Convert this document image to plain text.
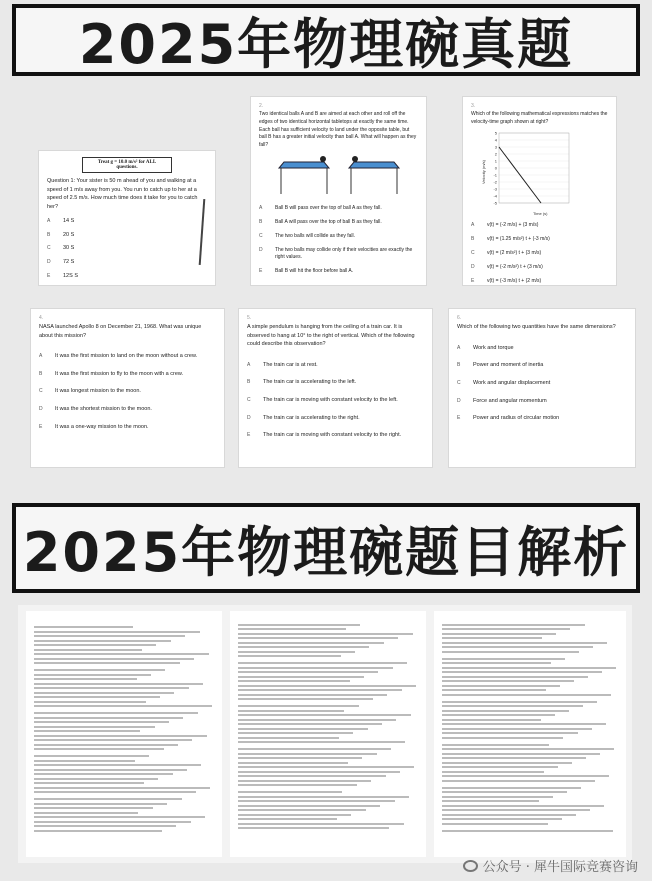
2025年物理碗真题
Treat g = 10.0 m/s² for ALL questions.
Question 1: Your sister is 50 m ahead of you and walking at a speed of 1 m/s away from you. You run to catch up to her at a speed of 2.5 m/s. How much time does it take for you to catch her?
A	14 S
B	20 S
C	30 S
D	72 S
E	12S S
2.
Two identical balls A and B are aimed at each other and roll off the edges of two identical horizontal tabletops at exactly the same time. Each ball has sufficient velocity to land under the opposite table, but ball B has a greater initial velocity than ball A. What will happen as they fall?
A	Ball B will pass over the top of ball A as they fall.
B	Ball A will pass over the top of ball B as they fall.
C	The two balls will collide as they fall.
D	The two balls may collide only if their velocities are exactly the right values.
E	Ball B will hit the floor before ball A.
3.
Which of the following mathematical expressions matches the velocity-time graph shown at right?
Velocity (m/s)
Time (s)
5
4
3
2
1
0
-1
-2
-3
-4
-5
A	v(t) = (-2 m/s) + (3 m/s)
B	v(t) = (1.25 m/s²) t + (-3 m/s)
C	v(t) = (2 m/s²) t + (3 m/s)
D	v(t) = (-2 m/s²) t + (3 m/s)
E	v(t) = (-3 m/s) t + (2 m/s)
4.
NASA launched Apollo 8 on December 21, 1968. What was unique about this mission?
A	It was the first mission to land on the moon without a crew.
B	It was the first mission to fly to the moon with a crew.
C	It was longest mission to the moon.
D	It was the shortest mission to the moon.
E	It was a one-way mission to the moon.
5.
A simple pendulum is hanging from the ceiling of a train car. It is observed to hang at 10° to the right of vertical. Which of the following could describe this observation?
A	The train car is at rest.
B	The train car is accelerating to the left.
C	The train car is moving with constant velocity to the left.
D	The train car is accelerating to the right.
E	The train car is moving with constant velocity to the right.
6.
Which of the following two quantities have the same dimensions?
A	Work and torque
B	Power and moment of inertia
C	Work and angular displacement
D	Force and angular momentum
E	Power and radius of circular motion
2025年物理碗题目解析
公众号 · 犀牛国际竞赛咨询
